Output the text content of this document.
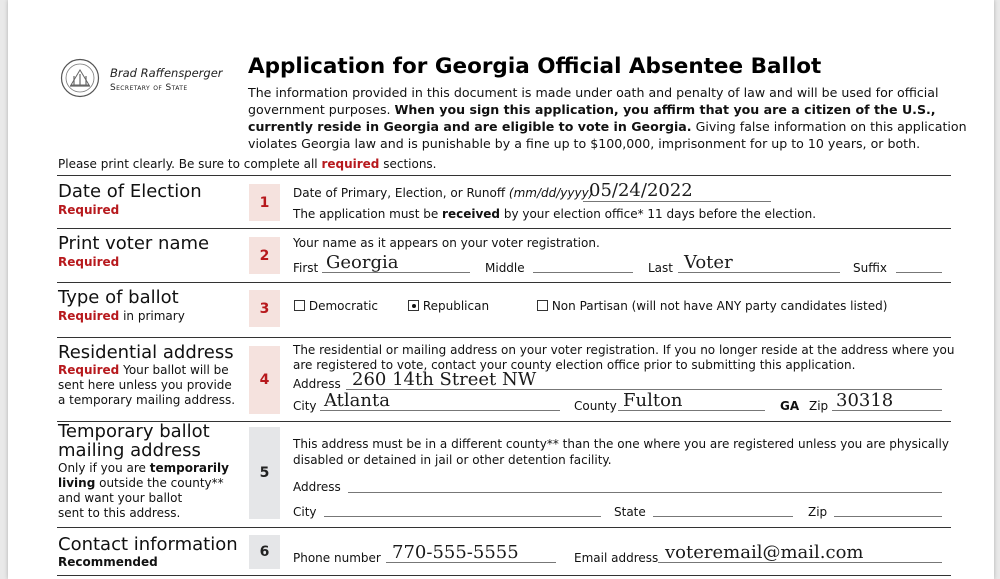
Brad Raffensperger
Secretary of State
Application for Georgia Official Absentee Ballot
The information provided in this document is made under oath and penalty of law and will be used for official
government purposes. When you sign this application, you affirm that you are a citizen of the U.S.,
currently reside in Georgia and are eligible to vote in Georgia. Giving false information on this application
violates Georgia law and is punishable by a fine up to $100,000, imprisonment for up to 10 years, or both.
Please print clearly. Be sure to complete all required sections.
Date of Election
Required	1
Date of Primary, Election, or Runoff (mm/dd/yyyy)
05/24/2022
The application must be received by your election office* 11 days before the election.
Print voter name
Required	2
Your name as it appears on your voter registration.
First Georgia	Middle	Last Voter	Suffix
Type of ballot
Required in primary	3	Democratic	Republican	Non Partisan (will not have ANY party candidates listed)
Residential address
Required Your ballot will be
sent here unless you provide
a temporary mailing address.
4
The residential or mailing address on your voter registration. If you no longer reside at the address where you
are registered to vote, contact your county election office prior to submitting this application.
Address 260 14th Street NW
City Atlanta	County Fulton	GA Zip 30318
Temporary ballot
mailing address
Only if you are temporarily
living outside the county**
and want your ballot
sent to this address.
5
This address must be in a different county** than the one where you are registered unless you are physically
disabled or detained in jail or other detention facility.
Address
City	State	Zip
Contact information
Recommended
6	Phone number 770-555-5555	Email address voteremail@mail.com
